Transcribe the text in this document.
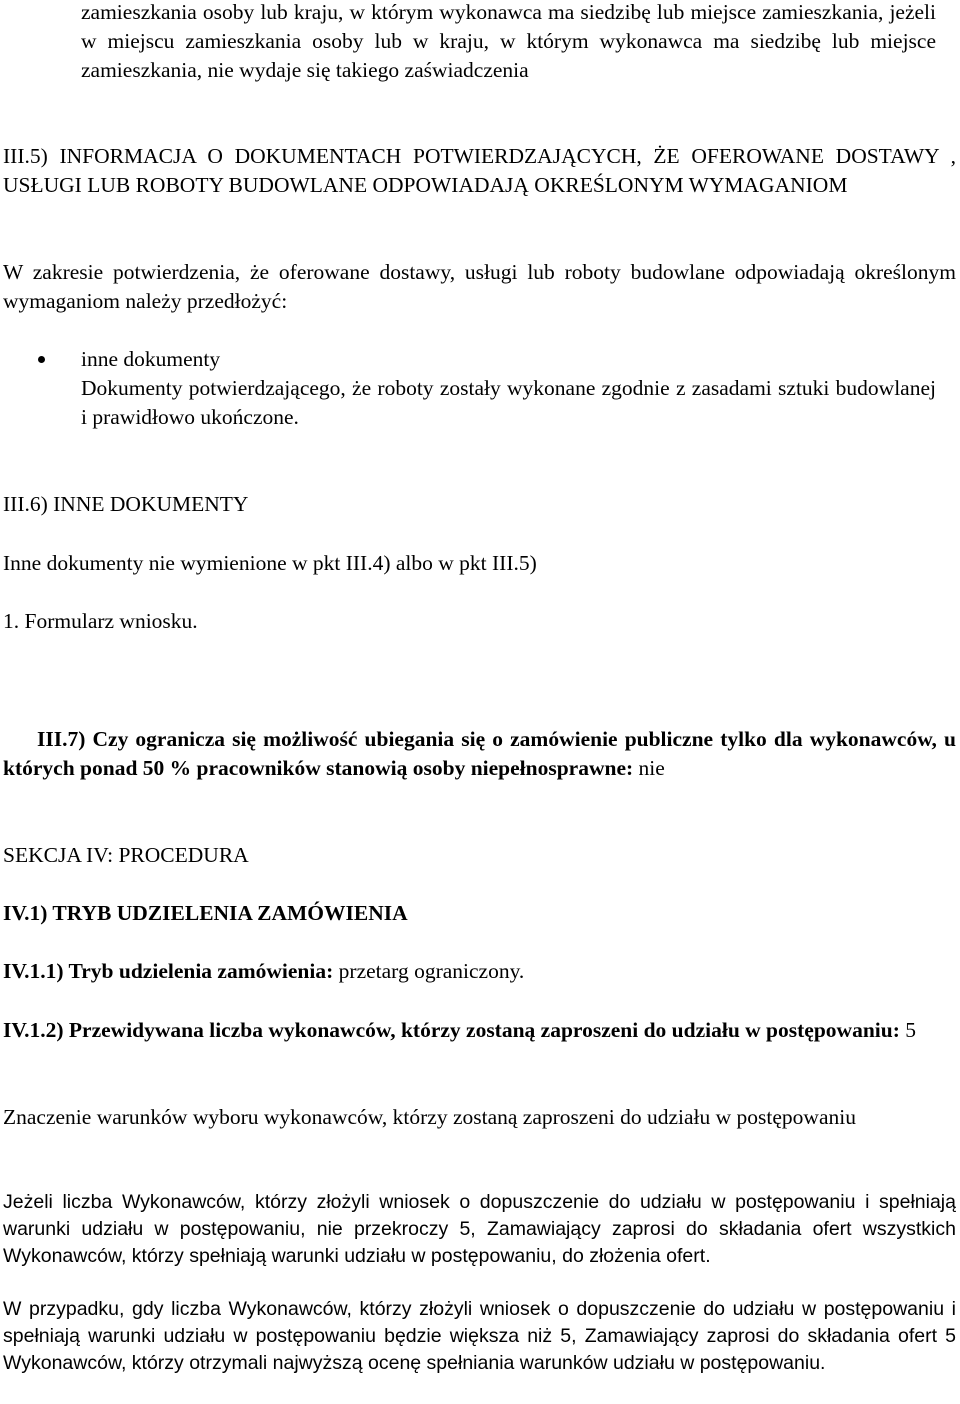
zamieszkania osoby lub kraju, w którym wykonawca ma siedzibę lub miejsce zamieszkania, jeżeli w miejscu zamieszkania osoby lub w kraju, w którym wykonawca ma siedzibę lub miejsce zamieszkania, nie wydaje się takiego zaświadczenia
III.5) INFORMACJA O DOKUMENTACH POTWIERDZAJĄCYCH, ŻE OFEROWANE DOSTAWY , USŁUGI LUB ROBOTY BUDOWLANE ODPOWIADAJĄ OKREŚLONYM WYMAGANIOM
W zakresie potwierdzenia, że oferowane dostawy, usługi lub roboty budowlane odpowiadają określonym wymaganiom należy przedłożyć:
inne dokumenty
Dokumenty potwierdzającego, że roboty zostały wykonane zgodnie z zasadami sztuki budowlanej i prawidłowo ukończone.
III.6) INNE DOKUMENTY
Inne dokumenty nie wymienione w pkt III.4) albo w pkt III.5)
1. Formularz wniosku.
III.7) Czy ogranicza się możliwość ubiegania się o zamówienie publiczne tylko dla wykonawców, u których ponad 50 % pracowników stanowią osoby niepełnosprawne: nie
SEKCJA IV: PROCEDURA
IV.1) TRYB UDZIELENIA ZAMÓWIENIA
IV.1.1) Tryb udzielenia zamówienia: przetarg ograniczony.
IV.1.2) Przewidywana liczba wykonawców, którzy zostaną zaproszeni do udziału w postępowaniu: 5
Znaczenie warunków wyboru wykonawców, którzy zostaną zaproszeni do udziału w postępowaniu
Jeżeli liczba Wykonawców, którzy złożyli wniosek o dopuszczenie do udziału w postępowaniu i spełniają warunki udziału w postępowaniu, nie przekroczy 5, Zamawiający zaprosi do składania ofert wszystkich Wykonawców, którzy spełniają warunki udziału w postępowaniu, do złożenia ofert.
W przypadku, gdy liczba Wykonawców, którzy złożyli wniosek o dopuszczenie do udziału w postępowaniu i spełniają warunki udziału w postępowaniu będzie większa niż 5, Zamawiający zaprosi do składania ofert 5 Wykonawców, którzy otrzymali najwyższą ocenę spełniania warunków udziału w postępowaniu.
